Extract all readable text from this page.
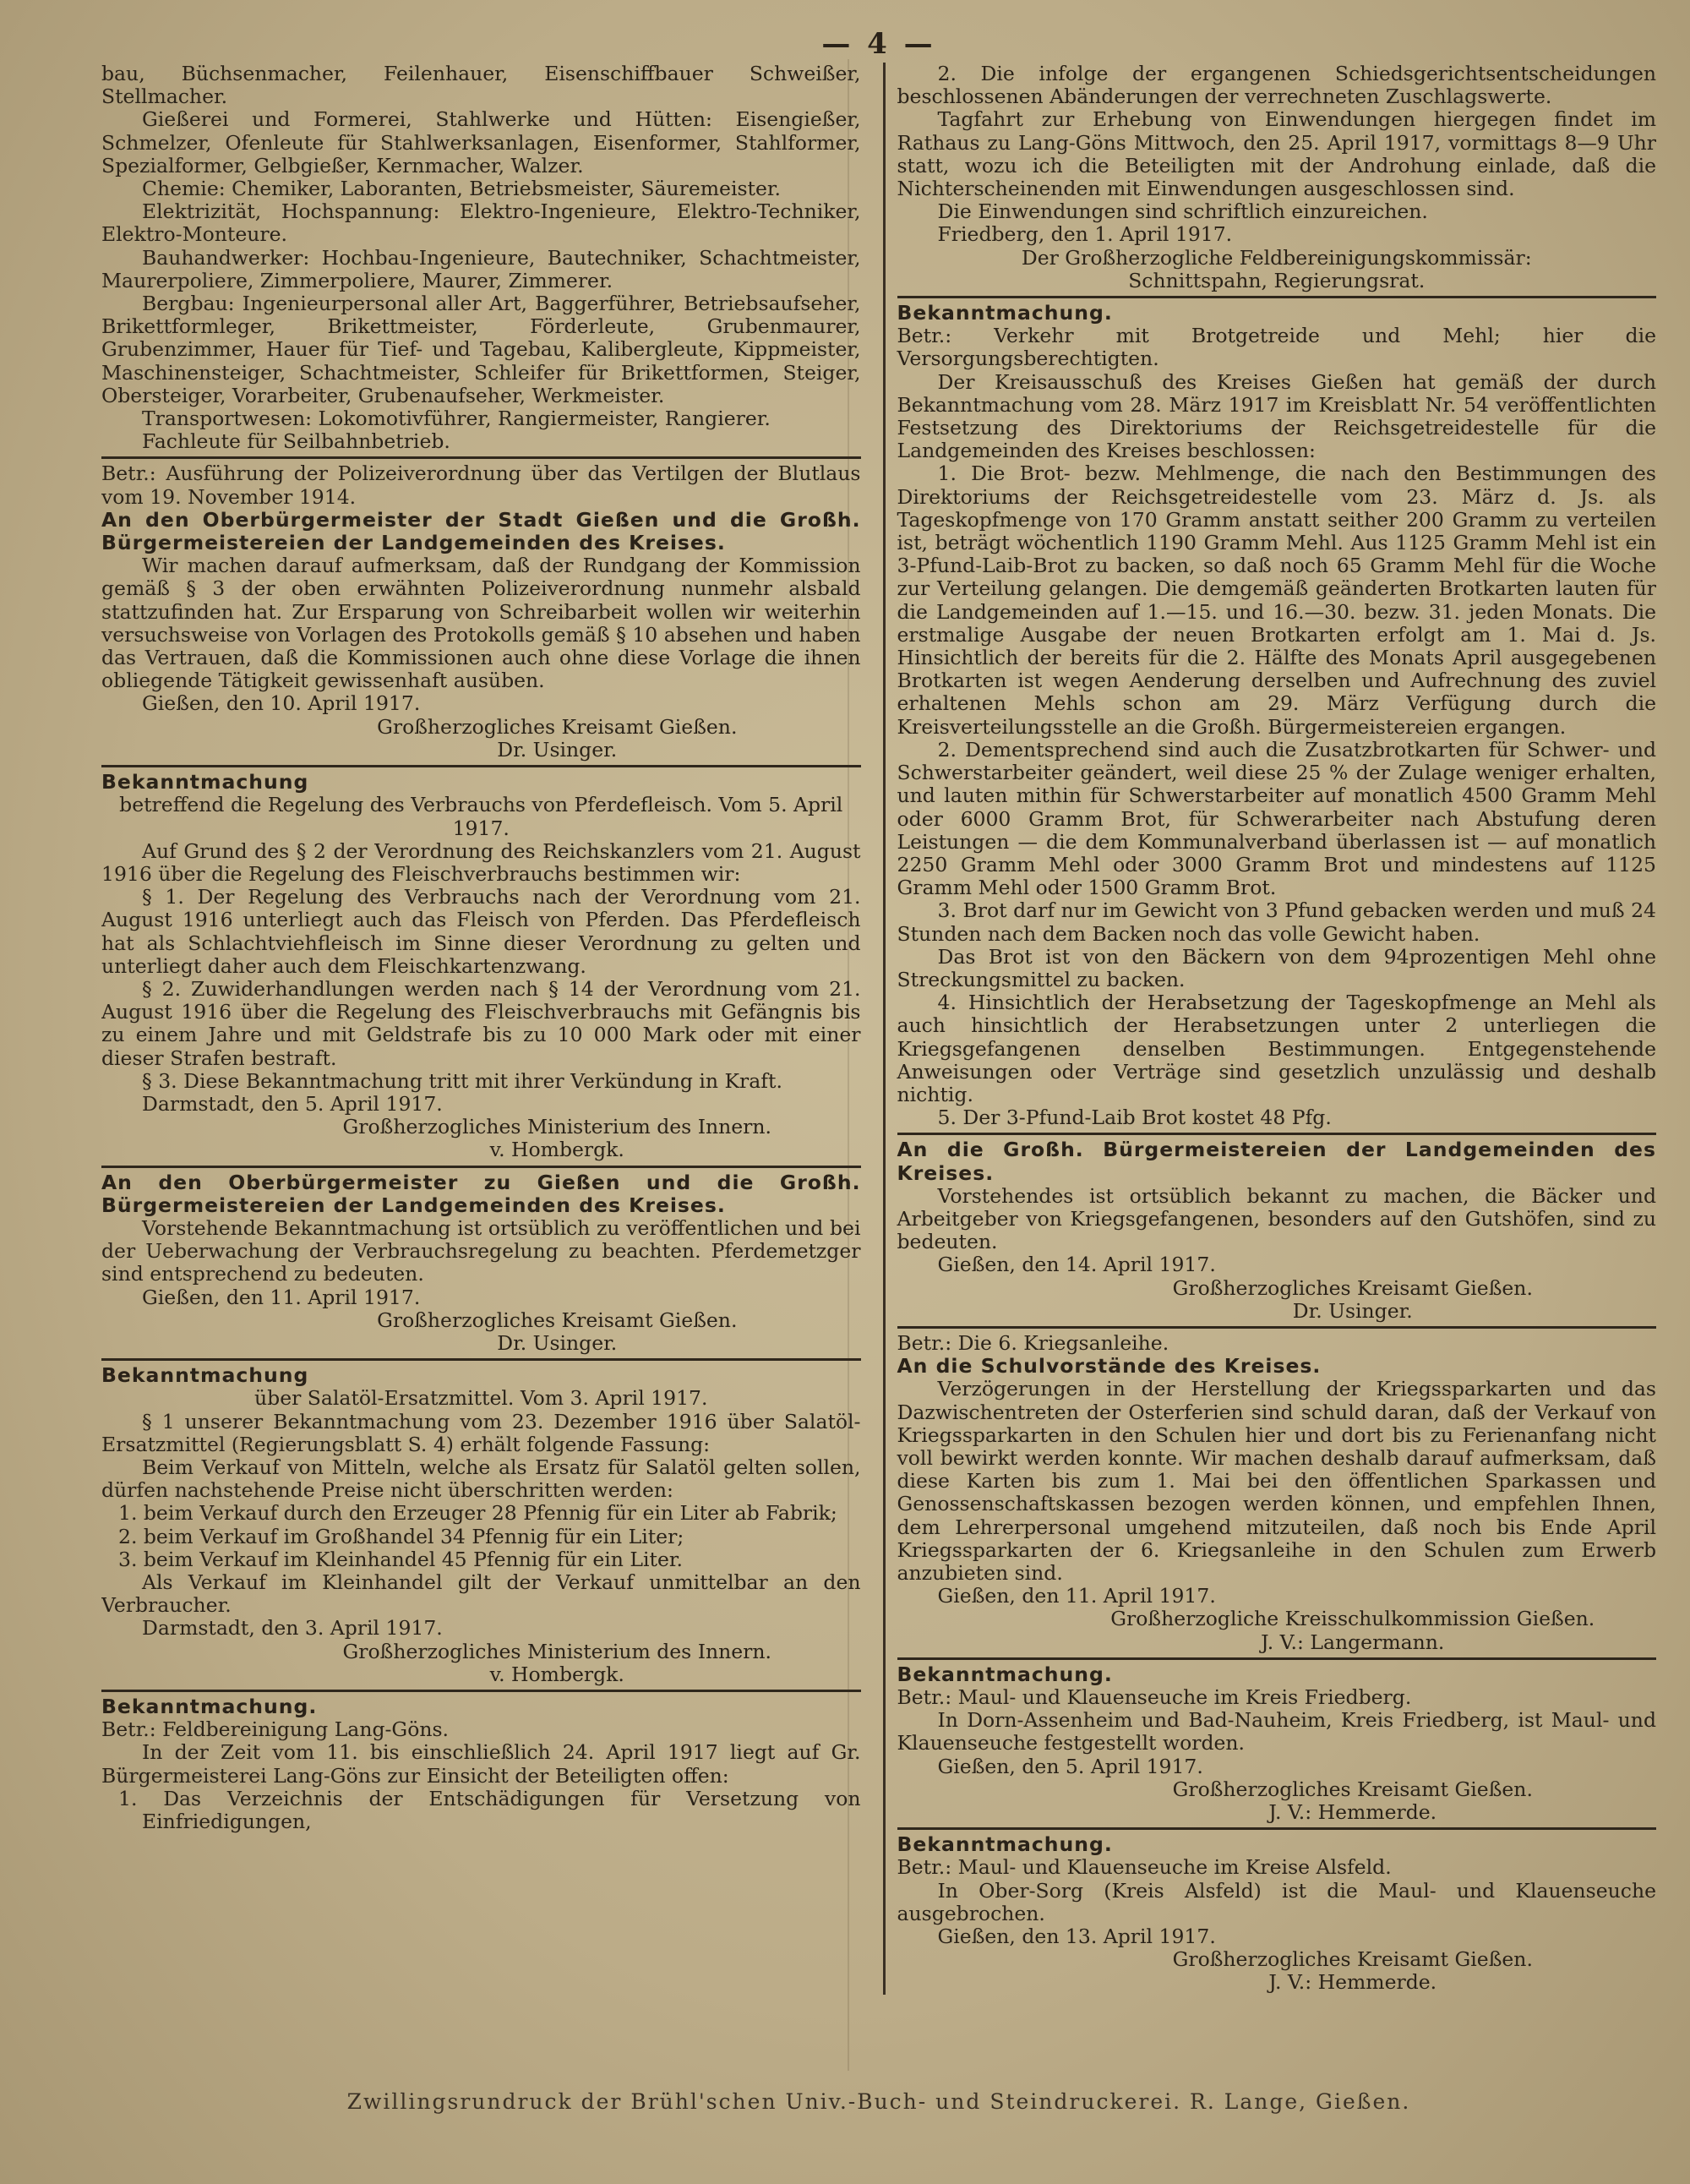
— 4 —

bau, Büchsenmacher, Feilenhauer, Eisenschiffbauer Schweißer, Stellmacher.

Gießerei und Formerei, Stahlwerke und Hütten: Eisengießer, Schmelzer, Ofenleute für Stahlwerksanlagen, Eisenformer, Stahlformer, Spezialformer, Gelbgießer, Kernmacher, Walzer.

Chemie: Chemiker, Laboranten, Betriebsmeister, Säuremeister.

Elektrizität, Hochspannung: Elektro-Ingenieure, Elektro-Techniker, Elektro-Monteure.

Bauhandwerker: Hochbau-Ingenieure, Bautechniker, Schachtmeister, Maurerpoliere, Zimmerpoliere, Maurer, Zimmerer.

Bergbau: Ingenieurpersonal aller Art, Baggerführer, Betriebsaufseher, Brikettformleger, Brikettmeister, Förderleute, Grubenmaurer, Grubenzimmer, Hauer für Tief- und Tagebau, Kalibergleute, Kippmeister, Maschinensteiger, Schachtmeister, Schleifer für Brikettformen, Steiger, Obersteiger, Vorarbeiter, Grubenaufseher, Werkmeister.

Transportwesen: Lokomotivführer, Rangiermeister, Rangierer.

Fachleute für Seilbahnbetrieb.

Betr.: Ausführung der Polizeiverordnung über das Vertilgen der Blutlaus vom 19. November 1914.

An den Oberbürgermeister der Stadt Gießen und die Großh. Bürgermeistereien der Landgemeinden des Kreises.

Wir machen darauf aufmerksam, daß der Rundgang der Kommission gemäß § 3 der oben erwähnten Polizeiverordnung nunmehr alsbald stattzufinden hat. Zur Ersparung von Schreibarbeit wollen wir weiterhin versuchsweise von Vorlagen des Protokolls gemäß § 10 absehen und haben das Vertrauen, daß die Kommissionen auch ohne diese Vorlage die ihnen obliegende Tätigkeit gewissenhaft ausüben.

Gießen, den 10. April 1917.

Großherzogliches Kreisamt Gießen.

Dr. Usinger.

Bekanntmachung

betreffend die Regelung des Verbrauchs von Pferdefleisch. Vom 5. April 1917.

Auf Grund des § 2 der Verordnung des Reichskanzlers vom 21. August 1916 über die Regelung des Fleischverbrauchs bestimmen wir:

§ 1. Der Regelung des Verbrauchs nach der Verordnung vom 21. August 1916 unterliegt auch das Fleisch von Pferden. Das Pferdefleisch hat als Schlachtviehfleisch im Sinne dieser Verordnung zu gelten und unterliegt daher auch dem Fleischkartenzwang.

§ 2. Zuwiderhandlungen werden nach § 14 der Verordnung vom 21. August 1916 über die Regelung des Fleischverbrauchs mit Gefängnis bis zu einem Jahre und mit Geldstrafe bis zu 10 000 Mark oder mit einer dieser Strafen bestraft.

§ 3. Diese Bekanntmachung tritt mit ihrer Verkündung in Kraft.

Darmstadt, den 5. April 1917.

Großherzogliches Ministerium des Innern.

v. Hombergk.

An den Oberbürgermeister zu Gießen und die Großh. Bürgermeistereien der Landgemeinden des Kreises.

Vorstehende Bekanntmachung ist ortsüblich zu veröffentlichen und bei der Ueberwachung der Verbrauchsregelung zu beachten. Pferdemetzger sind entsprechend zu bedeuten.

Gießen, den 11. April 1917.

Großherzogliches Kreisamt Gießen.

Dr. Usinger.

Bekanntmachung

über Salatöl-Ersatzmittel. Vom 3. April 1917.

§ 1 unserer Bekanntmachung vom 23. Dezember 1916 über Salatöl-Ersatzmittel (Regierungsblatt S. 4) erhält folgende Fassung:

Beim Verkauf von Mitteln, welche als Ersatz für Salatöl gelten sollen, dürfen nachstehende Preise nicht überschritten werden:

1. beim Verkauf durch den Erzeuger 28 Pfennig für ein Liter ab Fabrik;

2. beim Verkauf im Großhandel 34 Pfennig für ein Liter;

3. beim Verkauf im Kleinhandel 45 Pfennig für ein Liter.

Als Verkauf im Kleinhandel gilt der Verkauf unmittelbar an den Verbraucher.

Darmstadt, den 3. April 1917.

Großherzogliches Ministerium des Innern.

v. Hombergk.

Bekanntmachung.

Betr.: Feldbereinigung Lang-Göns.

In der Zeit vom 11. bis einschließlich 24. April 1917 liegt auf Gr. Bürgermeisterei Lang-Göns zur Einsicht der Beteiligten offen:

1. Das Verzeichnis der Entschädigungen für Versetzung von Einfriedigungen,

2. Die infolge der ergangenen Schiedsgerichtsentscheidungen beschlossenen Abänderungen der verrechneten Zuschlagswerte.

Tagfahrt zur Erhebung von Einwendungen hiergegen findet im Rathaus zu Lang-Göns Mittwoch, den 25. April 1917, vormittags 8—9 Uhr statt, wozu ich die Beteiligten mit der Androhung einlade, daß die Nichterscheinenden mit Einwendungen ausgeschlossen sind.

Die Einwendungen sind schriftlich einzureichen.

Friedberg, den 1. April 1917.

Der Großherzogliche Feldbereinigungskommissär:

Schnittspahn, Regierungsrat.

Bekanntmachung.

Betr.: Verkehr mit Brotgetreide und Mehl; hier die Versorgungsberechtigten.

Der Kreisausschuß des Kreises Gießen hat gemäß der durch Bekanntmachung vom 28. März 1917 im Kreisblatt Nr. 54 veröffentlichten Festsetzung des Direktoriums der Reichsgetreidestelle für die Landgemeinden des Kreises beschlossen:

1. Die Brot- bezw. Mehlmenge, die nach den Bestimmungen des Direktoriums der Reichsgetreidestelle vom 23. März d. Js. als Tageskopfmenge von 170 Gramm anstatt seither 200 Gramm zu verteilen ist, beträgt wöchentlich 1190 Gramm Mehl. Aus 1125 Gramm Mehl ist ein 3-Pfund-Laib-Brot zu backen, so daß noch 65 Gramm Mehl für die Woche zur Verteilung gelangen. Die demgemäß geänderten Brotkarten lauten für die Landgemeinden auf 1.—15. und 16.—30. bezw. 31. jeden Monats. Die erstmalige Ausgabe der neuen Brotkarten erfolgt am 1. Mai d. Js. Hinsichtlich der bereits für die 2. Hälfte des Monats April ausgegebenen Brotkarten ist wegen Aenderung derselben und Aufrechnung des zuviel erhaltenen Mehls schon am 29. März Verfügung durch die Kreisverteilungsstelle an die Großh. Bürgermeistereien ergangen.

2. Dementsprechend sind auch die Zusatzbrotkarten für Schwer- und Schwerstarbeiter geändert, weil diese 25 % der Zulage weniger erhalten, und lauten mithin für Schwerstarbeiter auf monatlich 4500 Gramm Mehl oder 6000 Gramm Brot, für Schwerarbeiter nach Abstufung deren Leistungen — die dem Kommunalverband überlassen ist — auf monatlich 2250 Gramm Mehl oder 3000 Gramm Brot und mindestens auf 1125 Gramm Mehl oder 1500 Gramm Brot.

3. Brot darf nur im Gewicht von 3 Pfund gebacken werden und muß 24 Stunden nach dem Backen noch das volle Gewicht haben.

Das Brot ist von den Bäckern von dem 94prozentigen Mehl ohne Streckungsmittel zu backen.

4. Hinsichtlich der Herabsetzung der Tageskopfmenge an Mehl als auch hinsichtlich der Herabsetzungen unter 2 unterliegen die Kriegsgefangenen denselben Bestimmungen. Entgegenstehende Anweisungen oder Verträge sind gesetzlich unzulässig und deshalb nichtig.

5. Der 3-Pfund-Laib Brot kostet 48 Pfg.

An die Großh. Bürgermeistereien der Landgemeinden des Kreises.

Vorstehendes ist ortsüblich bekannt zu machen, die Bäcker und Arbeitgeber von Kriegsgefangenen, besonders auf den Gutshöfen, sind zu bedeuten.

Gießen, den 14. April 1917.

Großherzogliches Kreisamt Gießen.

Dr. Usinger.

Betr.: Die 6. Kriegsanleihe.

An die Schulvorstände des Kreises.

Verzögerungen in der Herstellung der Kriegssparkarten und das Dazwischentreten der Osterferien sind schuld daran, daß der Verkauf von Kriegssparkarten in den Schulen hier und dort bis zu Ferienanfang nicht voll bewirkt werden konnte. Wir machen deshalb darauf aufmerksam, daß diese Karten bis zum 1. Mai bei den öffentlichen Sparkassen und Genossenschaftskassen bezogen werden können, und empfehlen Ihnen, dem Lehrerpersonal umgehend mitzuteilen, daß noch bis Ende April Kriegssparkarten der 6. Kriegsanleihe in den Schulen zum Erwerb anzubieten sind.

Gießen, den 11. April 1917.

Großherzogliche Kreisschulkommission Gießen.

J. V.: Langermann.

Bekanntmachung.

Betr.: Maul- und Klauenseuche im Kreis Friedberg.

In Dorn-Assenheim und Bad-Nauheim, Kreis Friedberg, ist Maul- und Klauenseuche festgestellt worden.

Gießen, den 5. April 1917.

Großherzogliches Kreisamt Gießen.

J. V.: Hemmerde.

Bekanntmachung.

Betr.: Maul- und Klauenseuche im Kreise Alsfeld.

In Ober-Sorg (Kreis Alsfeld) ist die Maul- und Klauenseuche ausgebrochen.

Gießen, den 13. April 1917.

Großherzogliches Kreisamt Gießen.

J. V.: Hemmerde.

Zwillingsrundruck der Brühl'schen Univ.-Buch- und Steindruckerei. R. Lange, Gießen.
